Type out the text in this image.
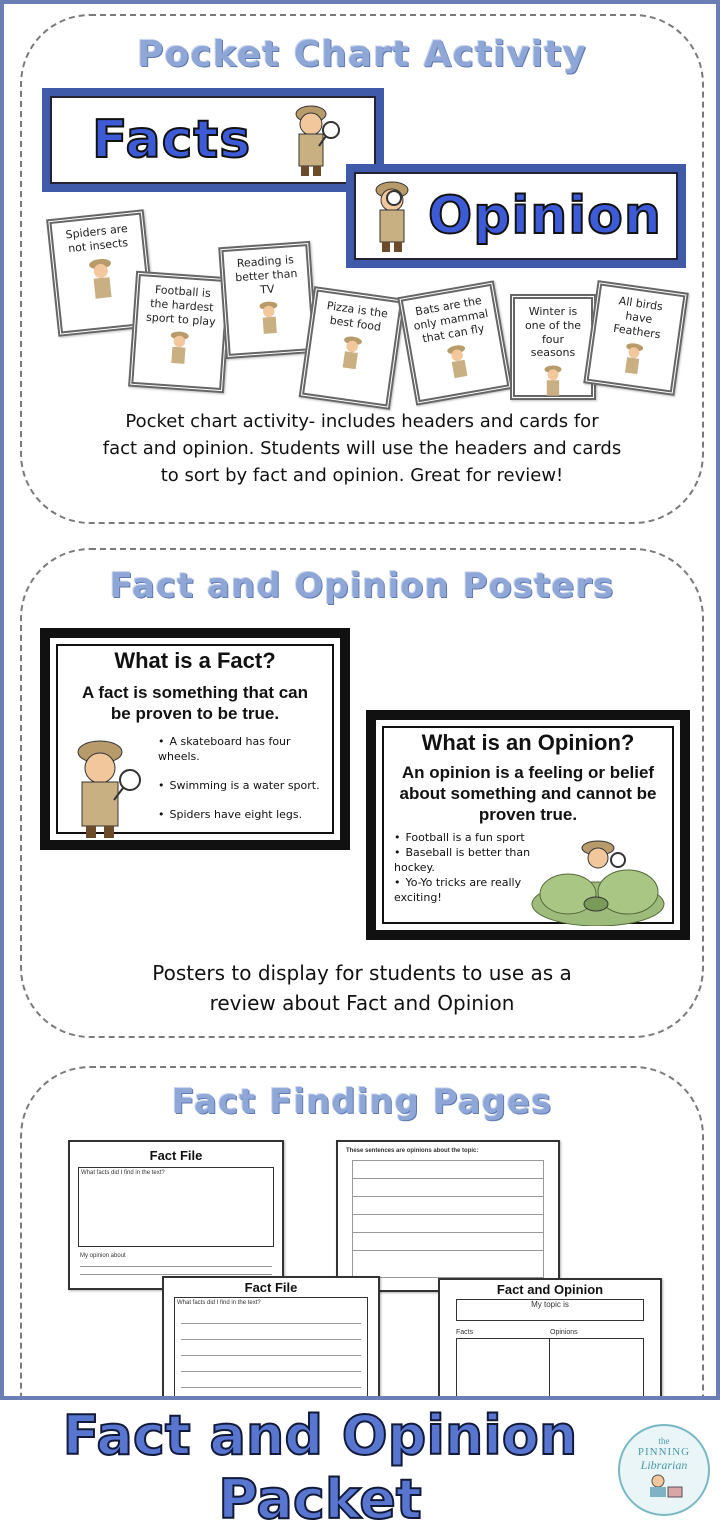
Pocket Chart Activity
Facts
Opinion
Spiders are not insects
Football is the hardest sport to play
Reading is better than TV
Pizza is the best food
Bats are the only mammal that can fly
Winter is one of the four seasons
All birds have Feathers
Pocket chart activity- includes headers and cards for
fact and opinion. Students will use the headers and cards
to sort by fact and opinion. Great for review!
Fact and Opinion Posters
What is a Fact?
A fact is something that can be proven to be true.
• A skateboard has four wheels.
• Swimming is a water sport.
• Spiders have eight legs.
What is an Opinion?
An opinion is a feeling or belief about something and cannot be proven true.
• Football is a fun sport
• Baseball is better than hockey.
• Yo-Yo tricks are really exciting!
Posters to display for students to use as a
review about Fact and Opinion
Fact Finding Pages
Fact File
What facts did I find in the text?
My opinion about
These sentences are opinions about the topic:
Fact File
What facts did I find in the text?
Fact and Opinion
My topic is
Facts	Opinions
Fact and Opinion
Packet
the
PINNING
Librarian
